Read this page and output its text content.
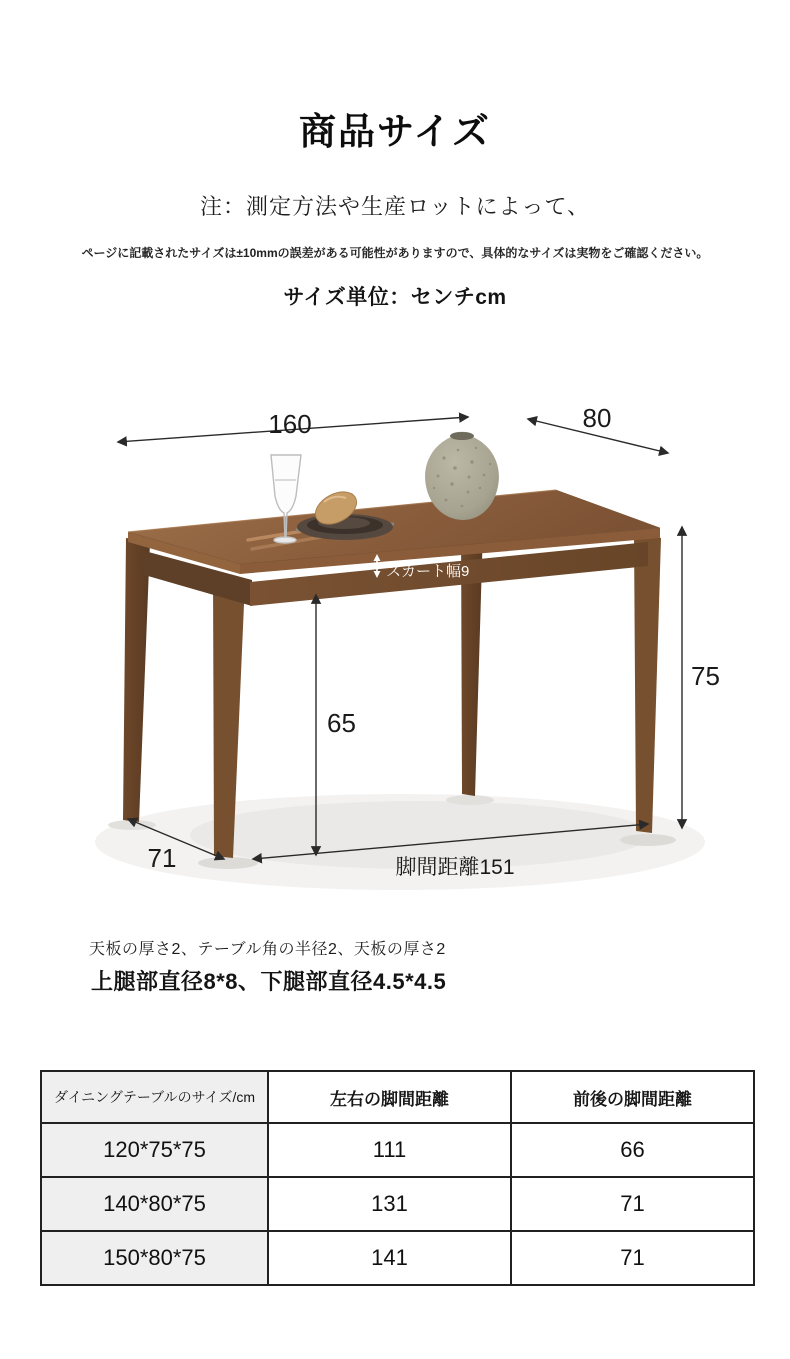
商品サイズ
注：測定方法や生産ロットによって、
ページに記載されたサイズは±10mmの誤差がある可能性がありますので、具体的なサイズは実物をご確認ください。
サイズ単位：センチcm
160	80
75
65
71	脚間距離151
スカート幅9
天板の厚さ2、テーブル角の半径2、天板の厚さ2
上腿部直径8*8、下腿部直径4.5*4.5
ダイニングテーブルのサイズ/cm	左右の脚間距離	前後の脚間距離
120*75*75	111	66
140*80*75	131	71
150*80*75	141	71
